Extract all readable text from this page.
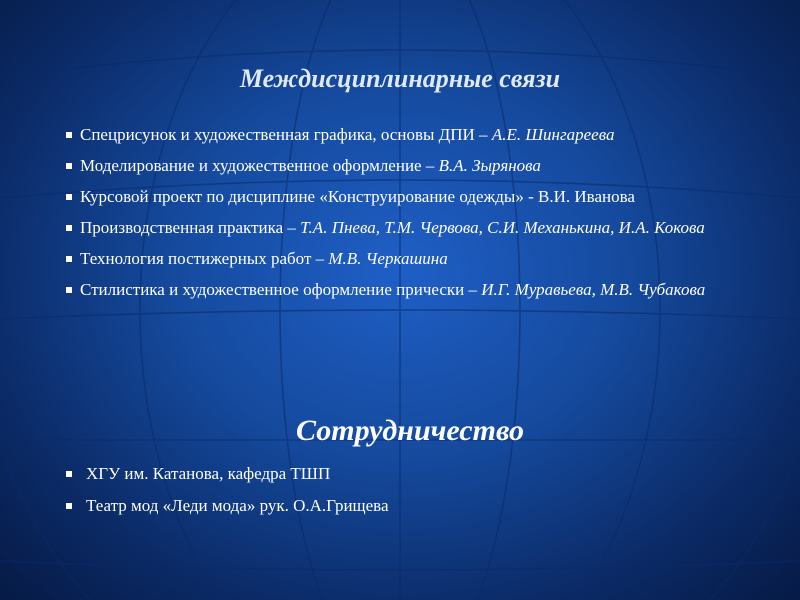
Междисциплинарные связи
Спецрисунок и художественная графика, основы ДПИ – А.Е. Шингареева
Моделирование и художественное оформление – В.А. Зырянова
Курсовой проект по дисциплине «Конструирование одежды» - В.И. Иванова
Производственная практика – Т.А. Пнева, Т.М. Червова, С.И. Механькина, И.А. Кокова
Технология постижерных работ – М.В. Черкашина
Стилистика и художественное оформление прически – И.Г. Муравьева, М.В. Чубакова
Сотрудничество
ХГУ им. Катанова, кафедра ТШП
Театр мод «Леди мода» рук. О.А.Грищева
